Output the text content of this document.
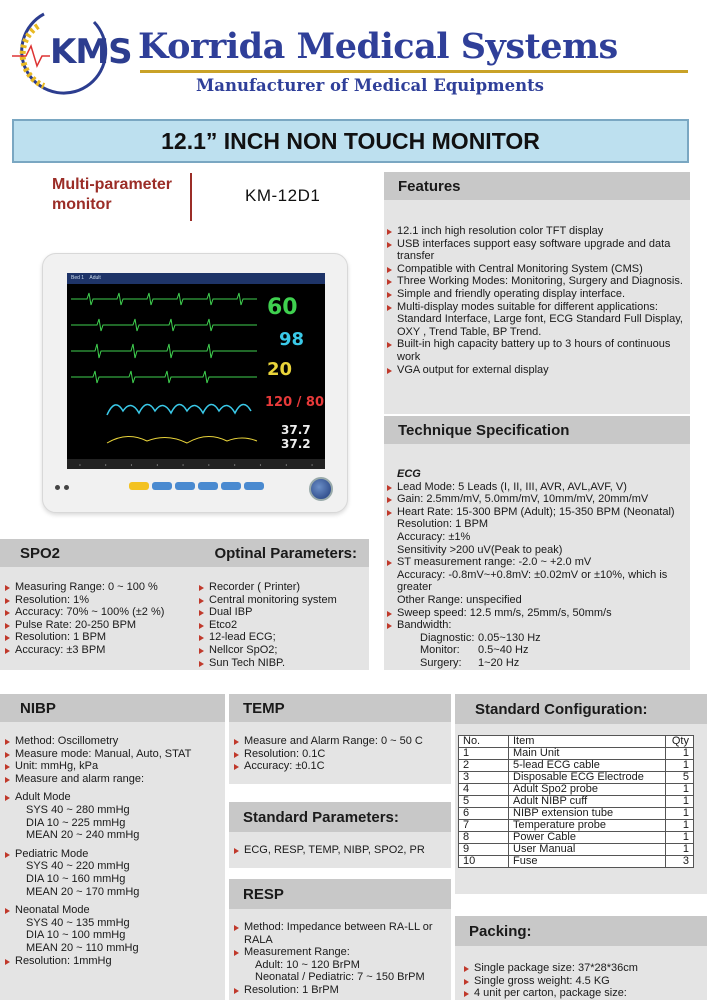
KMS Korrida Medical Systems
Manufacturer of Medical Equipments
12.1” INCH NON TOUCH MONITOR
Multi-parameter
monitor	KM-12D1
Bed 1 Adult
60
98
20
120 / 80
37.7
37.2
•	•	•	•	•	•	•	•	•	•
Features
12.1 inch high resolution color TFT display
USB interfaces support easy software upgrade and data transfer
Compatible with Central Monitoring System (CMS)
Three Working Modes: Monitoring, Surgery and Diagnosis.
Simple and friendly operating display interface.
Multi-display modes suitable for different applications: Standard Interface, Large font, ECG Standard Full Display, OXY , Trend Table, BP Trend.
Built-in high capacity battery up to 3 hours of continuous work
VGA output for external display
Technique Specification
ECG
Lead Mode: 5 Leads (I, II, III, AVR, AVL,AVF, V)
Gain: 2.5mm/mV, 5.0mm/mV, 10mm/mV, 20mm/mV
Heart Rate: 15-300 BPM (Adult); 15-350 BPM (Neonatal)
Resolution: 1 BPM
Accuracy: ±1%
Sensitivity >200 uV(Peak to peak)
ST measurement range: -2.0 ~ +2.0 mV
Accuracy: -0.8mV~+0.8mV: ±0.02mV or ±10%, which is greater
Other Range: unspecified
Sweep speed: 12.5 mm/s, 25mm/s, 50mm/s
Bandwidth:
Diagnostic: 0.05~130 Hz
Monitor: 0.5~40 Hz
Surgery: 1~20 Hz
SPO2	Optinal Parameters:
Measuring Range: 0 ~ 100 %
Resolution: 1%
Accuracy: 70% ~ 100% (±2 %)
Pulse Rate: 20-250 BPM
Resolution: 1 BPM
Accuracy: ±3 BPM
Recorder ( Printer)
Central monitoring system
Dual IBP
Etco2
12-lead ECG;
Nellcor SpO2;
Sun Tech NIBP.
NIBP
Method: Oscillometry
Measure mode: Manual, Auto, STAT
Unit: mmHg, kPa
Measure and alarm range:
Adult Mode
SYS 40 ~ 280 mmHg
DIA 10 ~ 225 mmHg
MEAN 20 ~ 240 mmHg
Pediatric Mode
SYS 40 ~ 220 mmHg
DIA 10 ~ 160 mmHg
MEAN 20 ~ 170 mmHg
Neonatal Mode
SYS 40 ~ 135 mmHg
DIA 10 ~ 100 mmHg
MEAN 20 ~ 110 mmHg
Resolution: 1mmHg
TEMP
Measure and Alarm Range: 0 ~ 50 C
Resolution: 0.1C
Accuracy: ±0.1C
Standard Parameters:
ECG, RESP, TEMP, NIBP, SPO2, PR
RESP
Method: Impedance between RA-LL or RALA
Measurement Range:
Adult: 10 ~ 120 BrPM
Neonatal / Pediatric: 7 ~ 150 BrPM
Resolution: 1 BrPM
Standard Configuration:
No.	Item	Qty
1	Main Unit	1
2	5-lead ECG cable	1
3	Disposable ECG Electrode	5
4	Adult Spo2 probe	1
5	Adult NIBP cuff	1
6	NIBP extension tube	1
7	Temperature probe	1
8	Power Cable	1
9	User Manual	1
10	Fuse	3
Packing:
Single package size: 37*28*36cm
Single gross weight: 4.5 KG
4 unit per carton, package size:
